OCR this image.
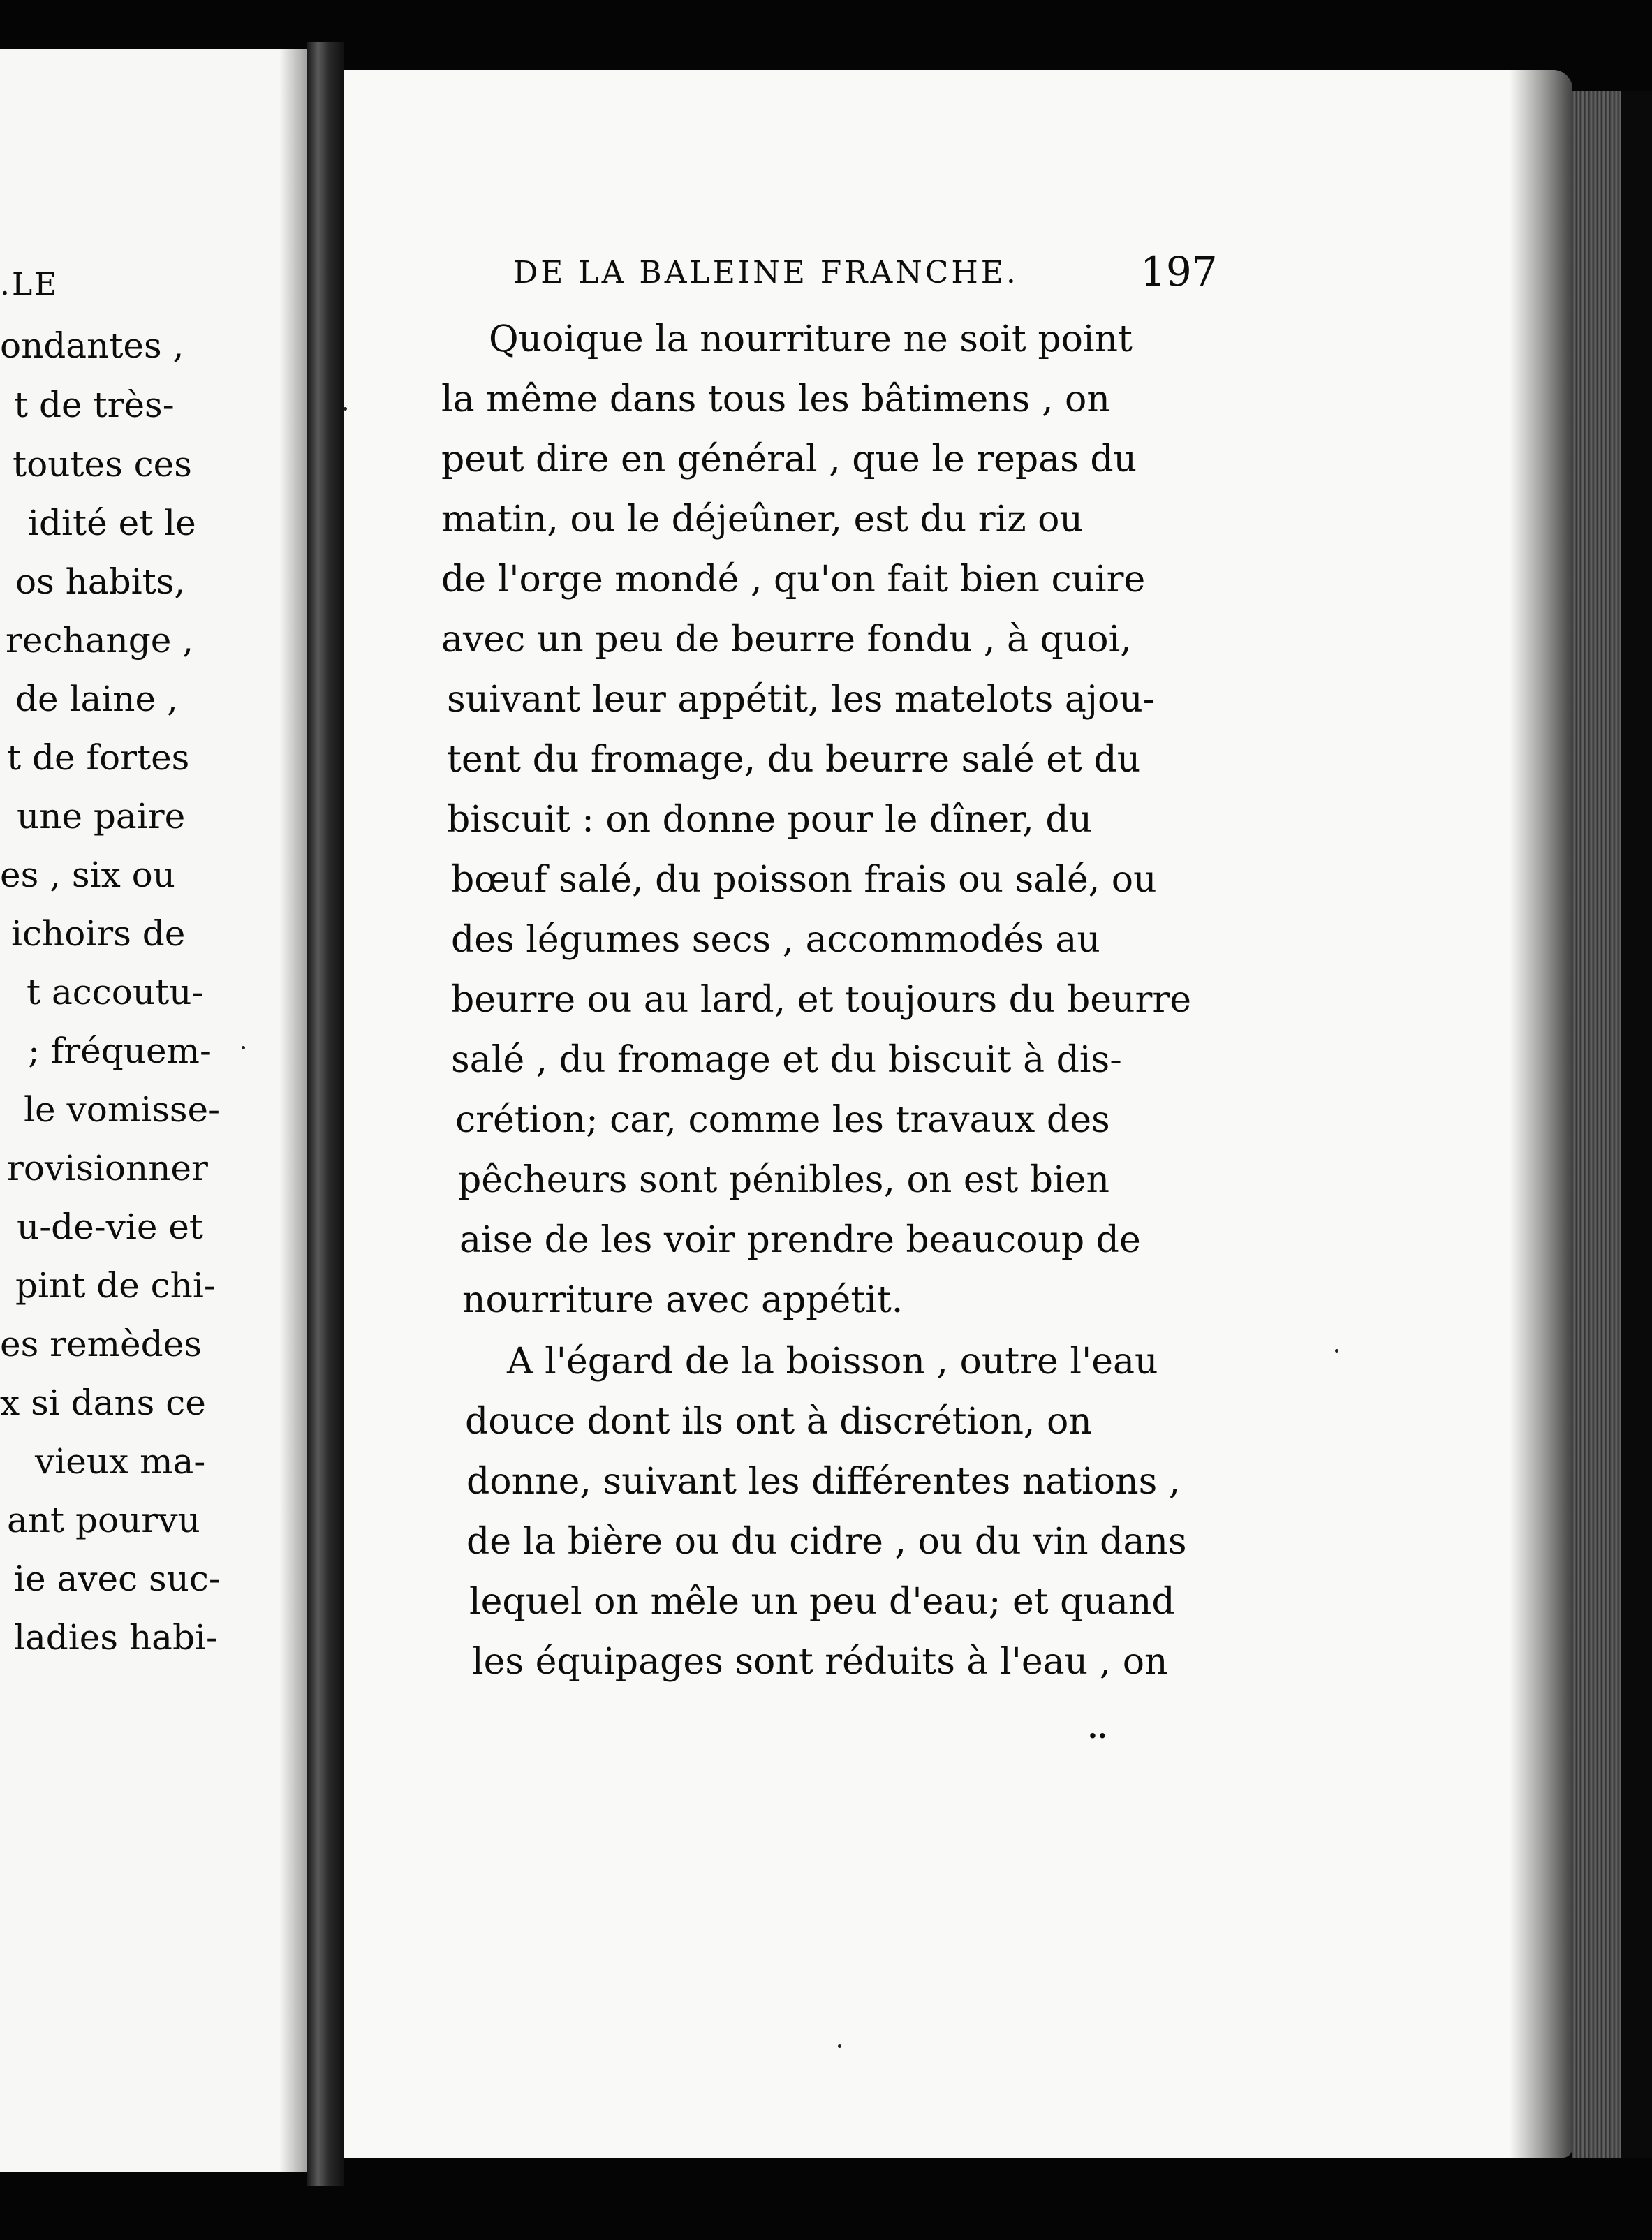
.LE
ondantes ,
t de très-
toutes ces
idité et le
os habits,
rechange ,
de laine ,
t de fortes
une paire
es , six ou
ichoirs de
t accoutu-
; fréquem-
le vomisse-
rovisionner
u-de-vie et
pint de chi-
es remèdes
x si dans ce
vieux ma-
ant pourvu
ie avec suc-
ladies habi-
DE LA BALEINE FRANCHE.	197
Quoique la nourriture ne soit point
la même dans tous les bâtimens , on
peut dire en général , que le repas du
matin, ou le déjeûner, est du riz ou
de l'orge mondé , qu'on fait bien cuire
avec un peu de beurre fondu , à quoi,
suivant leur appétit, les matelots ajou-
tent du fromage, du beurre salé et du
biscuit : on donne pour le dîner, du
bœuf salé, du poisson frais ou salé, ou
des légumes secs , accommodés au
beurre ou au lard, et toujours du beurre
salé , du fromage et du biscuit à dis-
crétion; car, comme les travaux des
pêcheurs sont pénibles, on est bien
aise de les voir prendre beaucoup de
nourriture avec appétit.
A l'égard de la boisson , outre l'eau
douce dont ils ont à discrétion, on
donne, suivant les différentes nations ,
de la bière ou du cidre , ou du vin dans
lequel on mêle un peu d'eau; et quand
les équipages sont réduits à l'eau , on
..
